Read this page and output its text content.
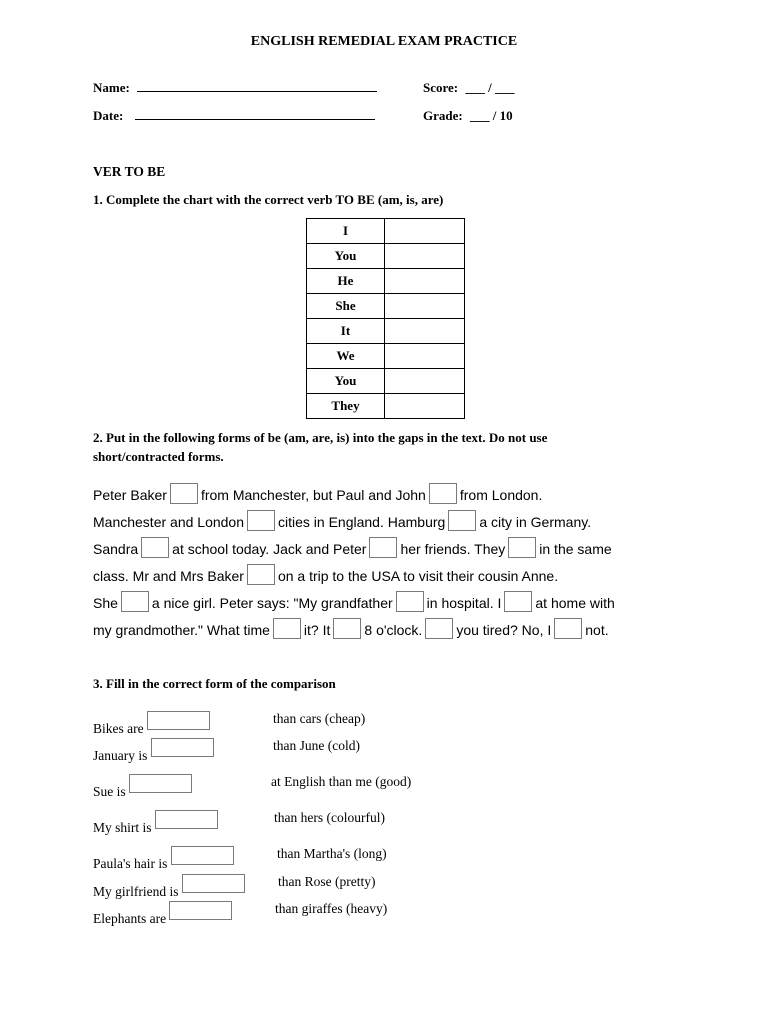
ENGLISH REMEDIAL EXAM PRACTICE
Name:
Date:
Score: ___ / ___
Grade: ___ / 10
VER TO BE
1. Complete the chart with the correct verb TO BE (am, is, are)
I	
You	
He	
She	
It	
We	
You	
They	
2. Put in the following forms of be (am, are, is) into the gaps in the text. Do not use
short/contracted forms.
Peter Baker from Manchester, but Paul and John from London.
Manchester and London cities in England. Hamburg a city in Germany.
Sandra at school today. Jack and Peter her friends. They in the same
class. Mr and Mrs Baker on a trip to the USA to visit their cousin Anne.
She a nice girl. Peter says: "My grandfather in hospital. I at home with
my grandmother." What time it? It 8 o'clock. you tired? No, I not.
3. Fill in the correct form of the comparison
Bikes are
than cars (cheap)
January is
than June (cold)
Sue is
at English than me (good)
My shirt is
than hers (colourful)
Paula's hair is
than Martha's (long)
My girlfriend is
than Rose (pretty)
Elephants are
than giraffes (heavy)
